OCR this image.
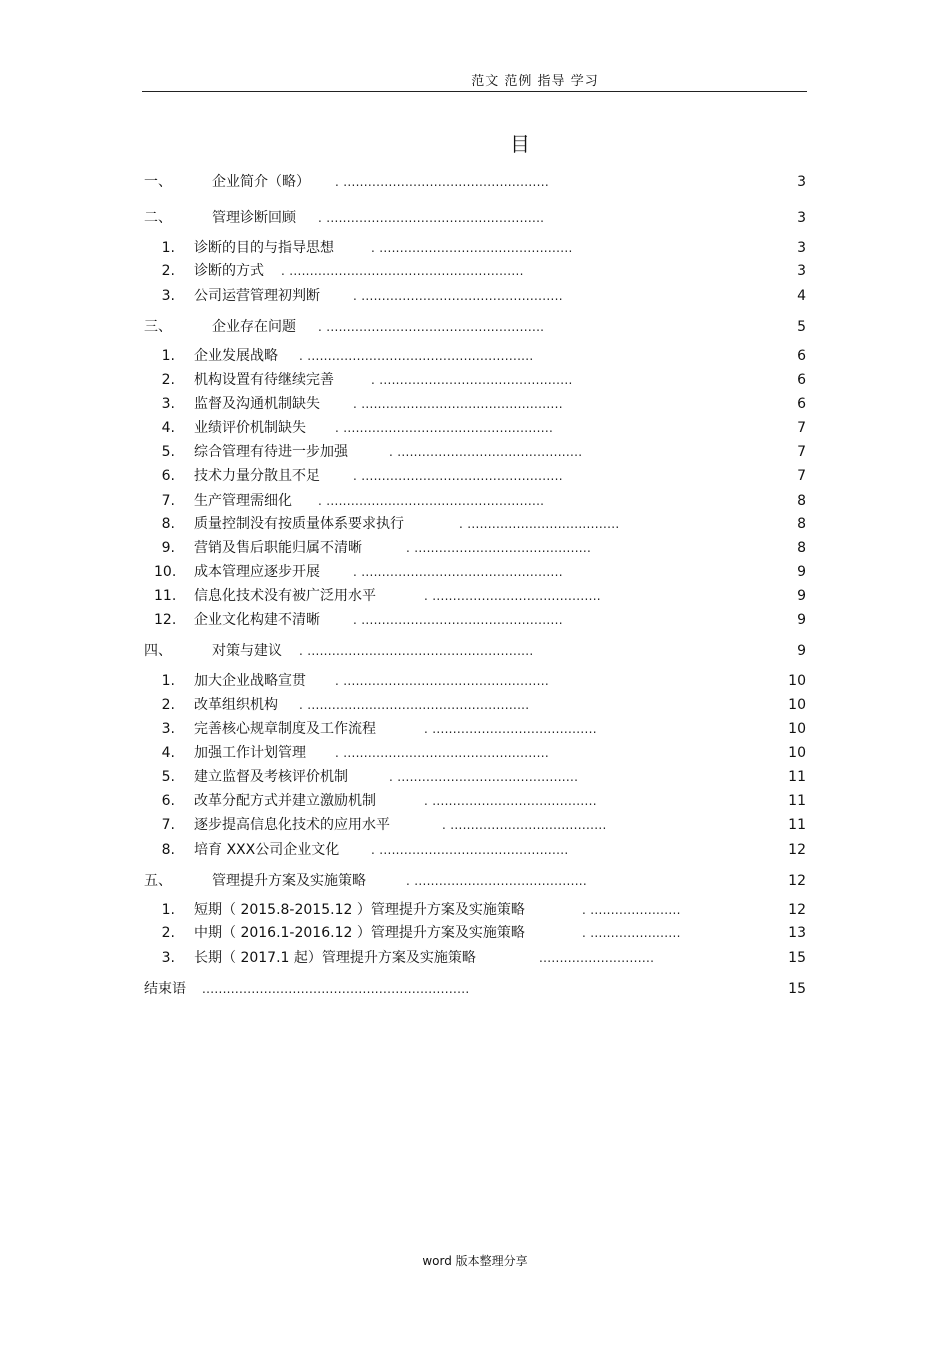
范文 范例 指导 学习
目
一、	企业简介（略） . ..................................................	3
二、	管理诊断回顾 . .....................................................	3
1. 诊断的目的与指导思想	. ...............................................	3
2. 诊断的方式 . .........................................................	3
3. 公司运营管理初判断	. .................................................	4
三、	企业存在问题 . .....................................................	5
1. 企业发展战略 . .......................................................	6
2. 机构设置有待继续完善	. ...............................................	6
3. 监督及沟通机制缺失	. .................................................	6
4. 业绩评价机制缺失 . ...................................................	7
5. 综合管理有待进一步加强	. .............................................	7
6. 技术力量分散且不足	. .................................................	7
7. 生产管理需细化 . .....................................................	8
8. 质量控制没有按质量体系要求执行	. .....................................	8
9. 营销及售后职能归属不清晰	. ...........................................	8
10. 成本管理应逐步开展	. .................................................	9
11. 信息化技术没有被广泛用水平	. .........................................	9
12. 企业文化构建不清晰	. .................................................	9
四、	对策与建议 . .......................................................	9
1. 加大企业战略宣贯 . ..................................................	10
2. 改革组织机构 . ......................................................	10
3. 完善核心规章制度及工作流程	. ........................................	10
4. 加强工作计划管理 . ..................................................	10
5. 建立监督及考核评价机制	. ............................................	11
6. 改革分配方式并建立激励机制	. ........................................	11
7. 逐步提高信息化技术的应用水平	. ......................................	11
8. 培育 XXX公司企业文化	. ..............................................	12
五、	管理提升方案及实施策略	. ..........................................	12
1. 短期（ 2015.8-2015.12 ）管理提升方案及实施策略	. ......................	12
2. 中期（ 2016.1-2016.12 ）管理提升方案及实施策略	. ......................	13
3. 长期（ 2017.1 起）管理提升方案及实施策略	............................	15
结束语 .................................................................	15
word 版本整理分享
